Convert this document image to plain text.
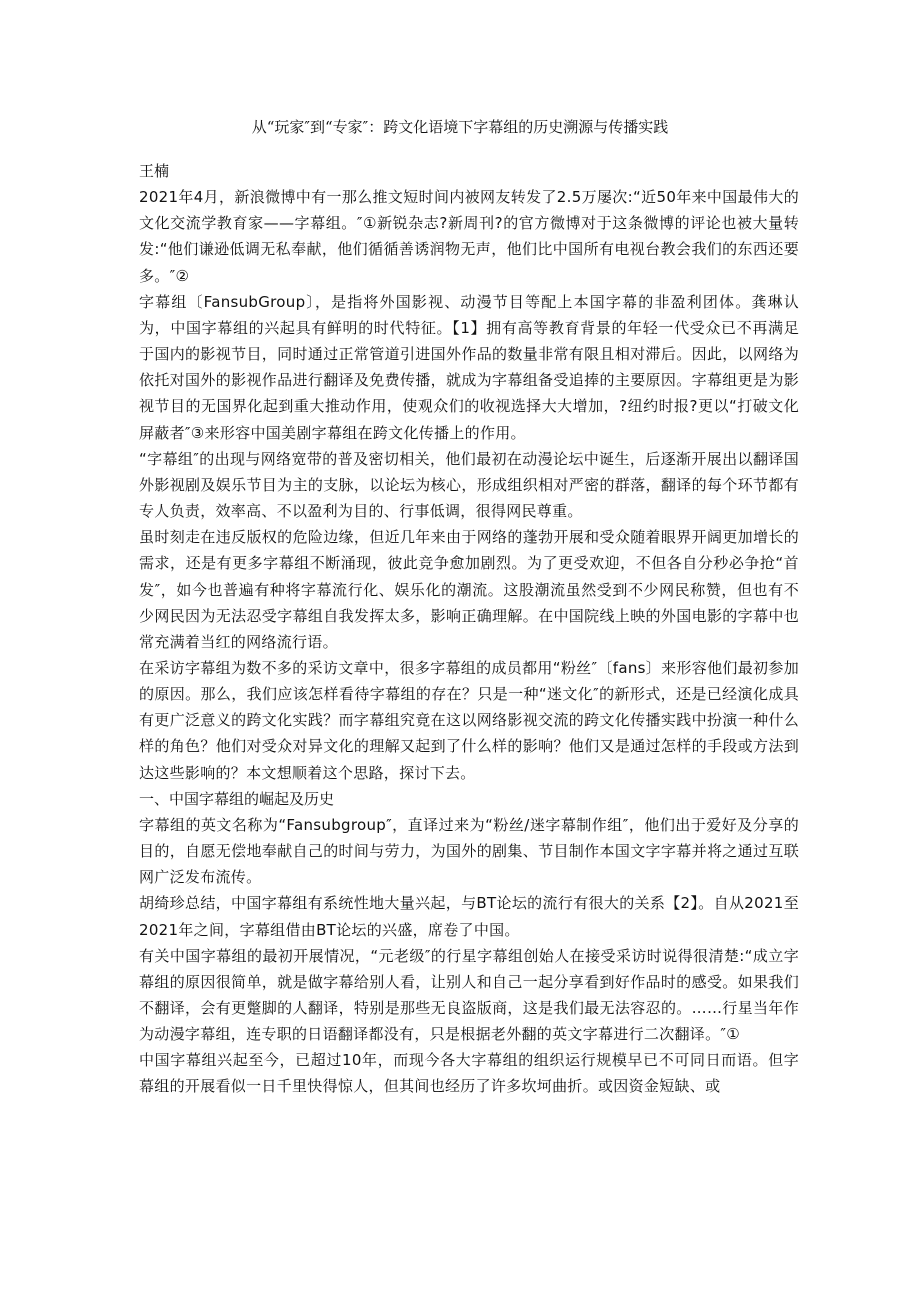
从“玩家″到“专家″：跨文化语境下字幕组的历史溯源与传播实践

王楠

2021年4月，新浪微博中有一那么推文短时间内被网友转发了2.5万屡次:“近50年来中国最伟大的文化交流学教育家——字幕组。″①新锐杂志?新周刊?的官方微博对于这条微博的评论也被大量转发:“他们谦逊低调无私奉献，他们循循善诱润物无声，他们比中国所有电视台教会我们的东西还要多。″②

字幕组〔FansubGroup〕，是指将外国影视、动漫节目等配上本国字幕的非盈利团体。龚琳认为，中国字幕组的兴起具有鲜明的时代特征。【1】拥有高等教育背景的年轻一代受众已不再满足于国内的影视节目，同时通过正常管道引进国外作品的数量非常有限且相对滞后。因此，以网络为依托对国外的影视作品进行翻译及免费传播，就成为字幕组备受追捧的主要原因。字幕组更是为影视节目的无国界化起到重大推动作用，使观众们的收视选择大大增加，?纽约时报?更以“打破文化屏蔽者″③来形容中国美剧字幕组在跨文化传播上的作用。

“字幕组″的出现与网络宽带的普及密切相关，他们最初在动漫论坛中诞生，后逐渐开展出以翻译国外影视剧及娱乐节目为主的支脉，以论坛为核心，形成组织相对严密的群落，翻译的每个环节都有专人负责，效率高、不以盈利为目的、行事低调，很得网民尊重。

虽时刻走在违反版权的危险边缘，但近几年来由于网络的蓬勃开展和受众随着眼界开阔更加增长的需求，还是有更多字幕组不断涌现，彼此竞争愈加剧烈。为了更受欢迎，不但各自分秒必争抢“首发″，如今也普遍有种将字幕流行化、娱乐化的潮流。这股潮流虽然受到不少网民称赞，但也有不少网民因为无法忍受字幕组自我发挥太多，影响正确理解。在中国院线上映的外国电影的字幕中也常充满着当红的网络流行语。

在采访字幕组为数不多的采访文章中，很多字幕组的成员都用“粉丝″〔fans〕来形容他们最初参加的原因。那么，我们应该怎样看待字幕组的存在？只是一种“迷文化″的新形式，还是已经演化成具有更广泛意义的跨文化实践？而字幕组究竟在这以网络影视交流的跨文化传播实践中扮演一种什么样的角色？他们对受众对异文化的理解又起到了什么样的影响？他们又是通过怎样的手段或方法到达这些影响的？本文想顺着这个思路，探讨下去。

一、中国字幕组的崛起及历史

字幕组的英文名称为“Fansubgroup″，直译过来为“粉丝/迷字幕制作组″，他们出于爱好及分享的目的，自愿无偿地奉献自己的时间与劳力，为国外的剧集、节目制作本国文字字幕并将之通过互联网广泛发布流传。

胡绮珍总结，中国字幕组有系统性地大量兴起，与BT论坛的流行有很大的关系【2】。自从2021至2021年之间，字幕组借由BT论坛的兴盛，席卷了中国。

有关中国字幕组的最初开展情况，“元老级″的行星字幕组创始人在接受采访时说得很清楚:“成立字幕组的原因很简单，就是做字幕给别人看，让别人和自己一起分享看到好作品时的感受。如果我们不翻译，会有更蹩脚的人翻译，特别是那些无良盗版商，这是我们最无法容忍的。……行星当年作为动漫字幕组，连专职的日语翻译都没有，只是根据老外翻的英文字幕进行二次翻译。″①

中国字幕组兴起至今，已超过10年，而现今各大字幕组的组织运行规模早已不可同日而语。但字幕组的开展看似一日千里快得惊人，但其间也经历了许多坎坷曲折。或因资金短缺、或
